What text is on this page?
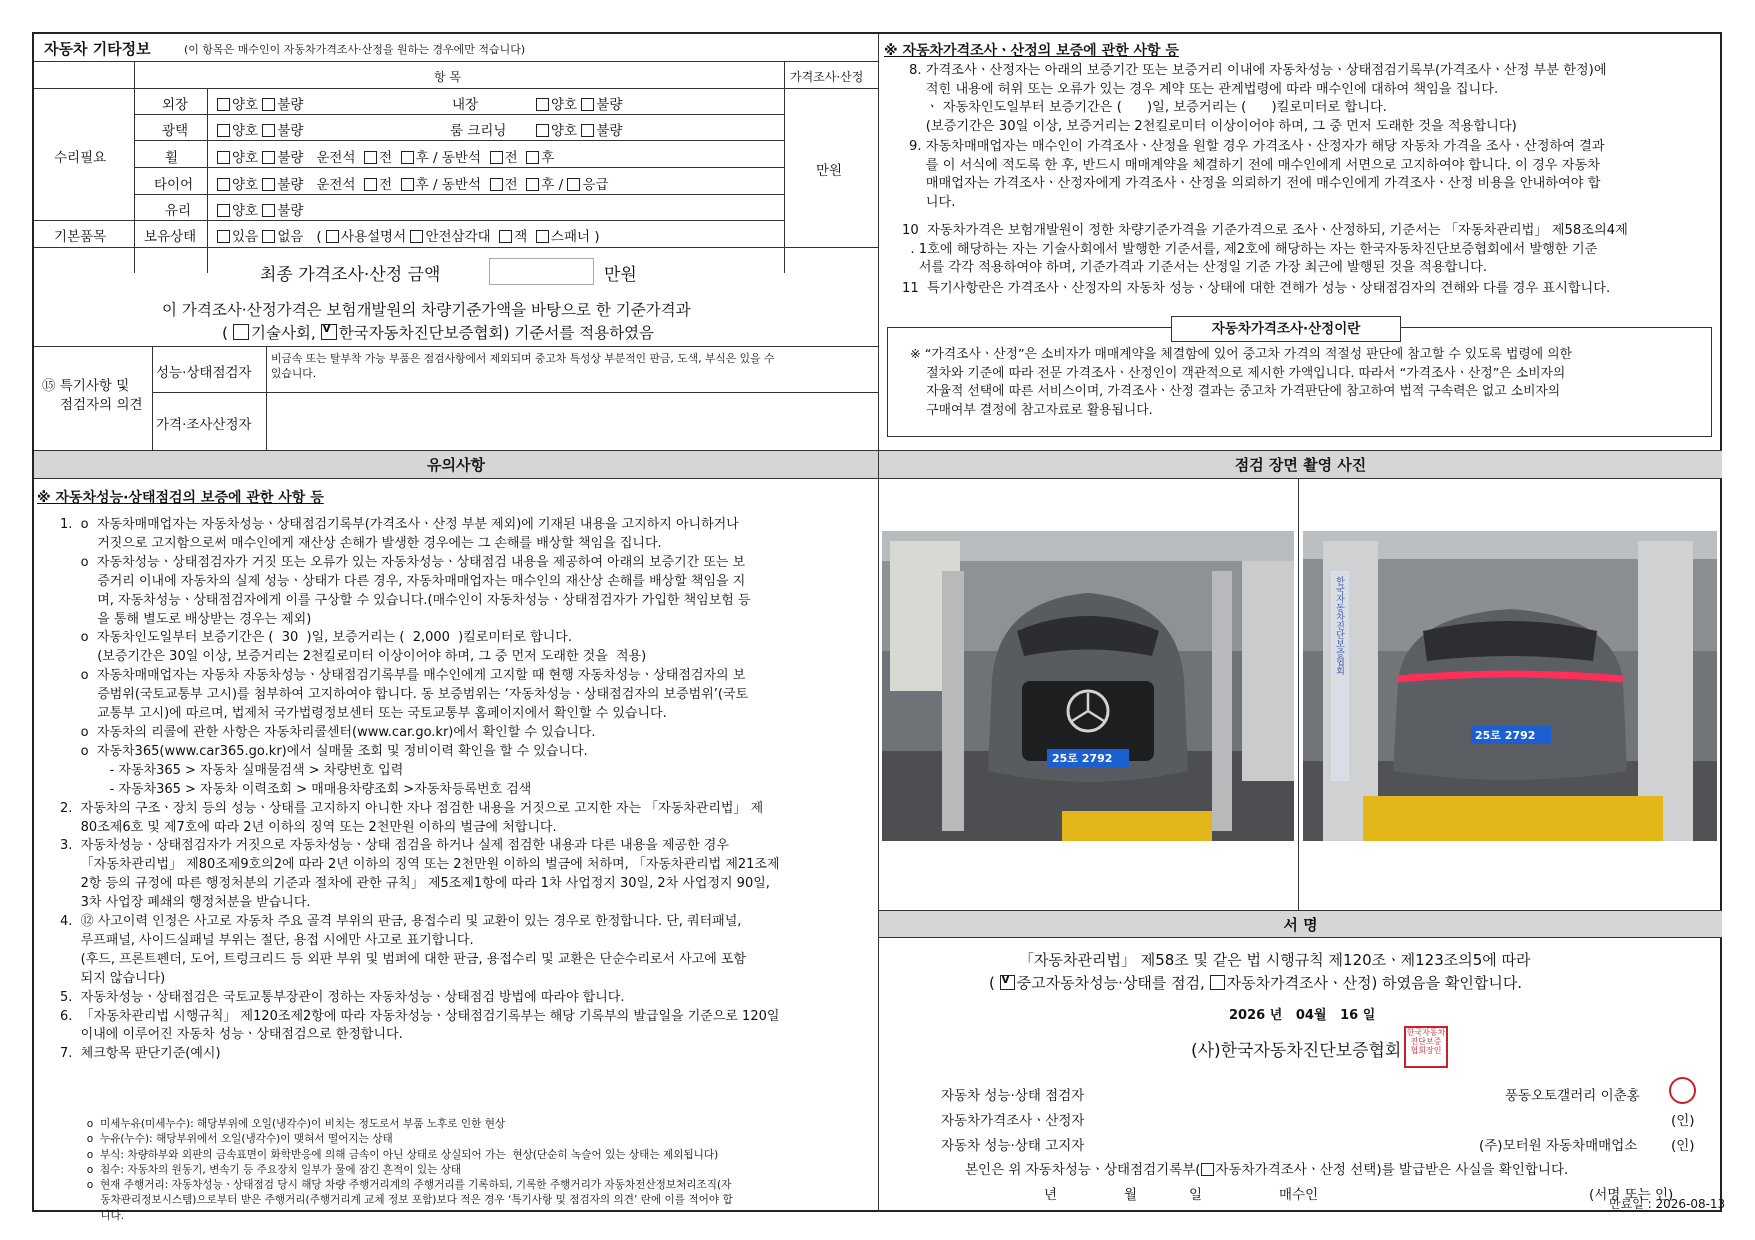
자동차 기타정보	(이 항목은 매수인이 자동차가격조사·산정을 원하는 경우에만 적습니다)
항 목	가격조사·산정
수리필요
기본품목
만원
외장	양호 불량	내장	양호 불량
광택	양호 불량	룸 크리닝	양호 불량
휠	양호 불량 운전석 전 후 / 동반석 전 후
타이어	양호 불량 운전석 전 후 / 동반석 전 후 / 응급
유리	양호 불량
보유상태	있음 없음 ( 사용설명서 안전삼각대 잭 스패너 )
최종 가격조사·산정 금액	만원
이 가격조사·산정가격은 보험개발원의 차량기준가액을 바탕으로 한 기준가격과
( 기술사회, v 한국자동차진단보증협회) 기준서를 적용하였음
⑮ 특기사항 및
점검자의 의견
성능·상태점검자
비금속 또는 탈부착 가능 부품은 점검사항에서 제외되며 중고차 특성상 부분적인 판금, 도색, 부식은 있을 수
있습니다.
가격·조사산정자
※ 자동차가격조사ㆍ산정의 보증에 관한 사항 등
8. 가격조사ㆍ산정자는 아래의 보증기간 또는 보증거리 이내에 자동차성능ㆍ상태점검기록부(가격조사ㆍ산정 부분 한정)에
적힌 내용에 허위 또는 오류가 있는 경우 계약 또는 관계법령에 따라 매수인에 대하여 책임을 집니다.
ㆍ 자동차인도일부터 보증기간은 (      )일, 보증거리는 (      )킬로미터로 합니다.
(보증기간은 30일 이상, 보증거리는 2천킬로미터 이상이어야 하며, 그 중 먼저 도래한 것을 적용합니다)
9. 자동차매매업자는 매수인이 가격조사ㆍ산정을 원할 경우 가격조사ㆍ산정자가 해당 자동차 가격을 조사ㆍ산정하여 결과
를 이 서식에 적도록 한 후, 반드시 매매계약을 체결하기 전에 매수인에게 서면으로 고지하여야 합니다. 이 경우 자동차
매매업자는 가격조사ㆍ산정자에게 가격조사ㆍ산정을 의뢰하기 전에 매수인에게 가격조사ㆍ산정 비용을 안내하여야 합
니다.
10  자동차가격은 보험개발원이 정한 차량기준가격을 기준가격으로 조사ㆍ산정하되, 기준서는 「자동차관리법」 제58조의4제
. 1호에 해당하는 자는 기술사회에서 발행한 기준서를, 제2호에 해당하는 자는 한국자동차진단보증협회에서 발행한 기준
서를 각각 적용하여야 하며, 기준가격과 기준서는 산정일 기준 가장 최근에 발행된 것을 적용합니다.
11  특기사항란은 가격조사ㆍ산정자의 자동차 성능ㆍ상태에 대한 견해가 성능ㆍ상태점검자의 견해와 다를 경우 표시합니다.
※ “가격조사ㆍ산정”은 소비자가 매매계약을 체결함에 있어 중고차 가격의 적절성 판단에 참고할 수 있도록 법령에 의한
절차와 기준에 따라 전문 가격조사ㆍ산정인이 객관적으로 제시한 가액입니다. 따라서 “가격조사ㆍ산정”은 소비자의
자율적 선택에 따른 서비스이며, 가격조사ㆍ산정 결과는 중고차 가격판단에 참고하여 법적 구속력은 없고 소비자의
구매여부 결정에 참고자료로 활용됩니다.
자동차가격조사·산정이란
유의사항
※ 자동차성능·상태점검의 보증에 관한 사항 등
1.  o  자동차매매업자는 자동차성능ㆍ상태점검기록부(가격조사ㆍ산정 부분 제외)에 기재된 내용을 고지하지 아니하거나
거짓으로 고지함으로써 매수인에게 재산상 손해가 발생한 경우에는 그 손해를 배상할 책임을 집니다.
o  자동차성능ㆍ상태점검자가 거짓 또는 오류가 있는 자동차성능ㆍ상태점검 내용을 제공하여 아래의 보증기간 또는 보
증거리 이내에 자동차의 실제 성능ㆍ상태가 다른 경우, 자동차매매업자는 매수인의 재산상 손해를 배상할 책임을 지
며, 자동차성능ㆍ상태점검자에게 이를 구상할 수 있습니다.(매수인이 자동차성능ㆍ상태점검자가 가입한 책임보험 등
을 통해 별도로 배상받는 경우는 제외)
o  자동차인도일부터 보증기간은 (  30  )일, 보증거리는 (  2,000  )킬로미터로 합니다.
(보증기간은 30일 이상, 보증거리는 2천킬로미터 이상이어야 하며, 그 중 먼저 도래한 것을  적용)
o  자동차매매업자는 자동차 자동차성능ㆍ상태점검기록부를 매수인에게 고지할 때 현행 자동차성능ㆍ상태점검자의 보
증범위(국토교통부 고시)를 첨부하여 고지하여야 합니다. 동 보증범위는 ‘자동차성능ㆍ상태점검자의 보증범위’(국토
교통부 고시)에 따르며, 법제처 국가법령정보센터 또는 국토교통부 홈페이지에서 확인할 수 있습니다.
o  자동차의 리콜에 관한 사항은 자동차리콜센터(www.car.go.kr)에서 확인할 수 있습니다.
o  자동차365(www.car365.go.kr)에서 실매물 조회 및 정비이력 확인을 할 수 있습니다.
- 자동차365 > 자동차 실매물검색 > 차량번호 입력
- 자동차365 > 자동차 이력조회 > 매매용차량조회 >자동차등록번호 검색
2.  자동차의 구조ㆍ장치 등의 성능ㆍ상태를 고지하지 아니한 자나 점검한 내용을 거짓으로 고지한 자는 「자동차관리법」 제
80조제6호 및 제7호에 따라 2년 이하의 징역 또는 2천만원 이하의 벌금에 처합니다.
3.  자동차성능ㆍ상태점검자가 거짓으로 자동차성능ㆍ상태 점검을 하거나 실제 점검한 내용과 다른 내용을 제공한 경우
「자동차관리법」 제80조제9호의2에 따라 2년 이하의 징역 또는 2천만원 이하의 벌금에 처하며, 「자동차관리법 제21조제
2항 등의 규정에 따른 행정처분의 기준과 절차에 관한 규칙」 제5조제1항에 따라 1차 사업정지 30일, 2차 사업정지 90일,
3차 사업장 폐쇄의 행정처분을 받습니다.
4.  ⑫ 사고이력 인정은 사고로 자동차 주요 골격 부위의 판금, 용접수리 및 교환이 있는 경우로 한정합니다. 단, 쿼터패널,
루프패널, 사이드실패널 부위는 절단, 용접 시에만 사고로 표기합니다.
(후드, 프론트펜더, 도어, 트렁크리드 등 외판 부위 및 범퍼에 대한 판금, 용접수리 및 교환은 단순수리로서 사고에 포함
되지 않습니다)
5.  자동차성능ㆍ상태점검은 국토교통부장관이 정하는 자동차성능ㆍ상태점검 방법에 따라야 합니다.
6.  「자동차관리법 시행규칙」 제120조제2항에 따라 자동차성능ㆍ상태점검기록부는 해당 기록부의 발급일을 기준으로 120일
이내에 이루어진 자동차 성능ㆍ상태점검으로 한정합니다.
7.  체크항목 판단기준(예시)
o  미세누유(미세누수): 해당부위에 오일(냉각수)이 비치는 정도로서 부품 노후로 인한 현상
o  누유(누수): 해당부위에서 오일(냉각수)이 맺혀서 떨어지는 상태
o  부식: 차량하부와 외판의 금속표면이 화학반응에 의해 금속이 아닌 상태로 상실되어 가는  현상(단순히 녹슬어 있는 상태는 제외됩니다)
o  침수: 자동차의 원동기, 변속기 등 주요장치 일부가 물에 잠긴 흔적이 있는 상태
o  현재 주행거리: 자동차성능ㆍ상태점검 당시 해당 차량 주행거리계의 주행거리를 기록하되, 기록한 주행거리가 자동차전산정보처리조직(자
동차관리정보시스템)으로부터 받은 주행거리(주행거리계 교체 정보 포함)보다 적은 경우 ‘특기사항 및 점검자의 의견’ 란에 이를 적어야 합
니다.
점검 장면 촬영 사진
25로 2792
25로 2792
한국자동차진단보증협회
서 명
「자동차관리법」 제58조 및 같은 법 시행규칙 제120조ㆍ제123조의5에 따라
( v 중고자동차성능·상태를 점검, 자동차가격조사ㆍ산정) 하였음을 확인합니다.
2026 년 04월 16 일
(사)한국자동차진단보증협회
한국자동차
진단보증
협회장인
자동차 성능·상태 점검자	풍동오토갤러리 이춘홍
자동차가격조사ㆍ산정자	(인)
자동차 성능·상태 고지자	(주)모터원 자동차매매업소 (인)
본인은 위 자동차성능ㆍ상태점검기록부( 자동차가격조사ㆍ산정 선택)를 발급받은 사실을 확인합니다.
년	월	일	매수인	(서명 또는 인)
만료일 : 2026-08-13
